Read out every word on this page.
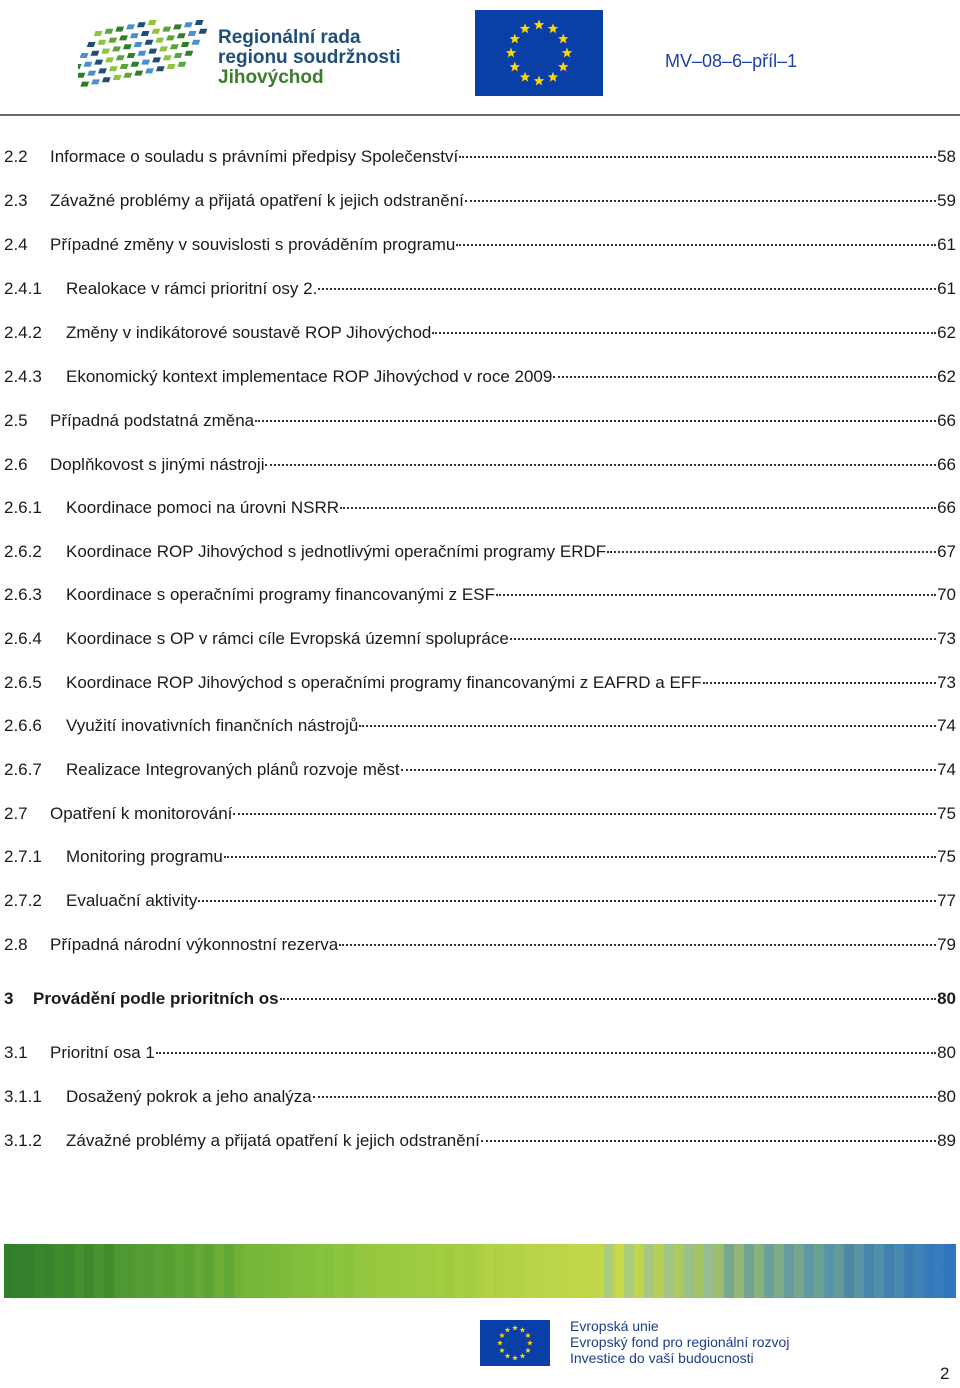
Regionální rada
regionu soudržnosti
Jihovýchod
MV–08–6–příl–1
2.2	Informace o souladu s právními předpisy Společenství	58
2.3	Závažné problémy a přijatá opatření k jejich odstranění	59
2.4	Případné změny v souvislosti s prováděním programu	61
2.4.1	Realokace v rámci prioritní osy 2.	61
2.4.2	Změny v indikátorové soustavě ROP Jihovýchod	62
2.4.3	Ekonomický kontext implementace ROP Jihovýchod v roce 2009	62
2.5	Případná podstatná změna	66
2.6	Doplňkovost s jinými nástroji	66
2.6.1	Koordinace pomoci na úrovni NSRR	66
2.6.2	Koordinace ROP Jihovýchod s jednotlivými operačními programy ERDF	67
2.6.3	Koordinace s operačními programy financovanými z ESF	70
2.6.4	Koordinace s OP v rámci cíle Evropská územní spolupráce	73
2.6.5	Koordinace ROP Jihovýchod s operačními programy financovanými z EAFRD a EFF	73
2.6.6	Využití inovativních finančních nástrojů	74
2.6.7	Realizace Integrovaných plánů rozvoje měst	74
2.7	Opatření k monitorování	75
2.7.1	Monitoring programu	75
2.7.2	Evaluační aktivity	77
2.8	Případná národní výkonnostní rezerva	79
3	Provádění podle prioritních os	80
3.1	Prioritní osa 1	80
3.1.1	Dosažený pokrok a jeho analýza	80
3.1.2	Závažné problémy a přijatá opatření k jejich odstranění	89
Evropská unie
Evropský fond pro regionální rozvoj
Investice do vaší budoucnosti
2
